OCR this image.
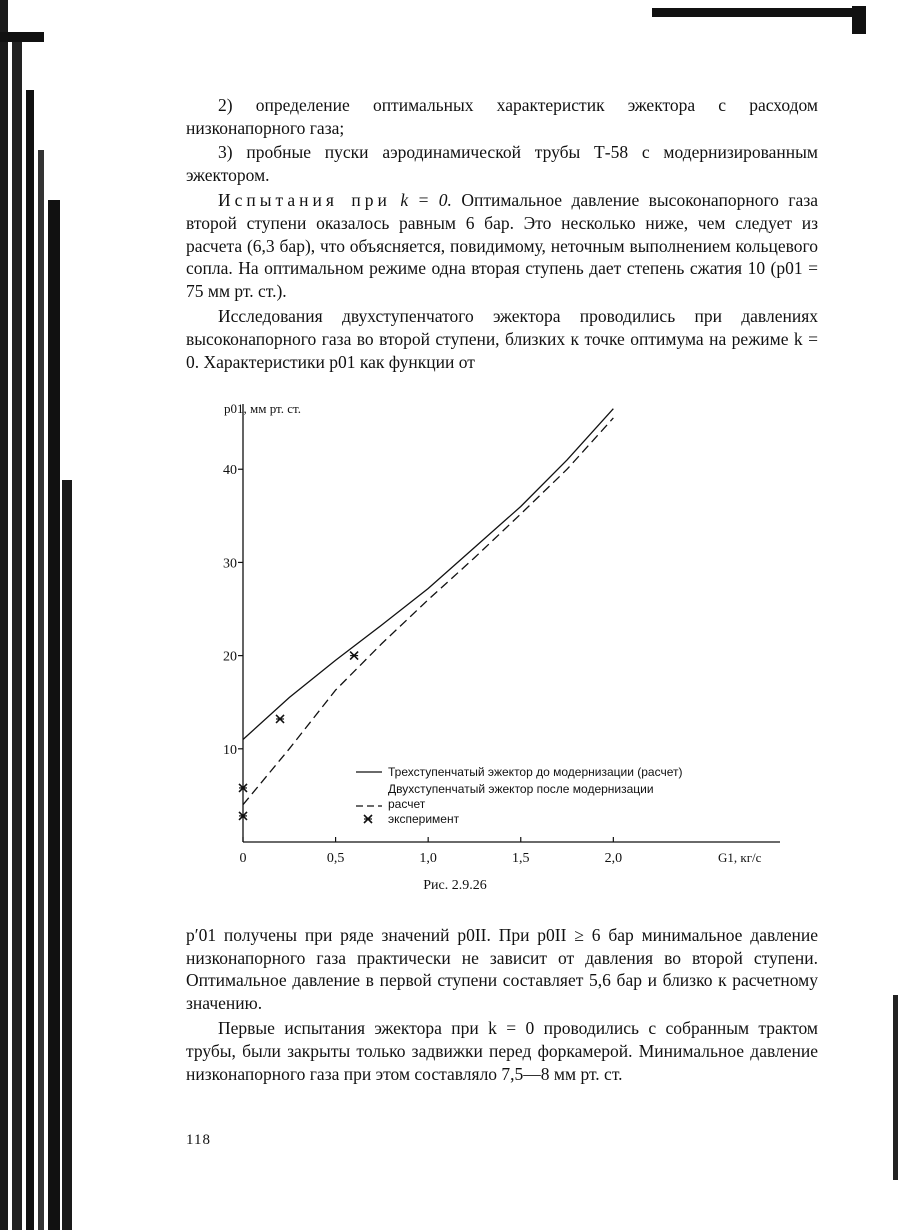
2) определение оптимальных характеристик эжектора с расходом низконапорного газа;

3) пробные пуски аэродинамической трубы Т-58 с модернизированным эжектором.

Испытания при k = 0. Оптимальное давление высоконапорного газа второй ступени оказалось равным 6 бар. Это несколько ниже, чем следует из расчета (6,3 бар), что объясняется, повидимому, неточным выполнением кольцевого сопла. На оптимальном режиме одна вторая ступень дает степень сжатия 10 (p01 = 75 мм рт. ст.).

Исследования двухступенчатого эжектора проводились при давлениях высоконапорного газа во второй ступени, близких к точке оптимума на режиме k = 0. Характеристики p01 как функции от

0	0,5	1,0	1,5	2,0
10
20
30
40
Трехступенчатый эжектор до модернизации (расчет)
Двухступенчатый эжектор после модернизации
расчет
эксперимент
p01, мм рт. ст.
G1, кг/с
Рис. 2.9.26

p′01 получены при ряде значений p0II. При p0II ≥ 6 бар минимальное давление низконапорного газа практически не зависит от давления во второй ступени. Оптимальное давление в первой ступени составляет 5,6 бар и близко к расчетному значению.

Первые испытания эжектора при k = 0 проводились с собранным трактом трубы, были закрыты только задвижки перед форкамерой. Минимальное давление низконапорного газа при этом составляло 7,5—8 мм рт. ст.

118
